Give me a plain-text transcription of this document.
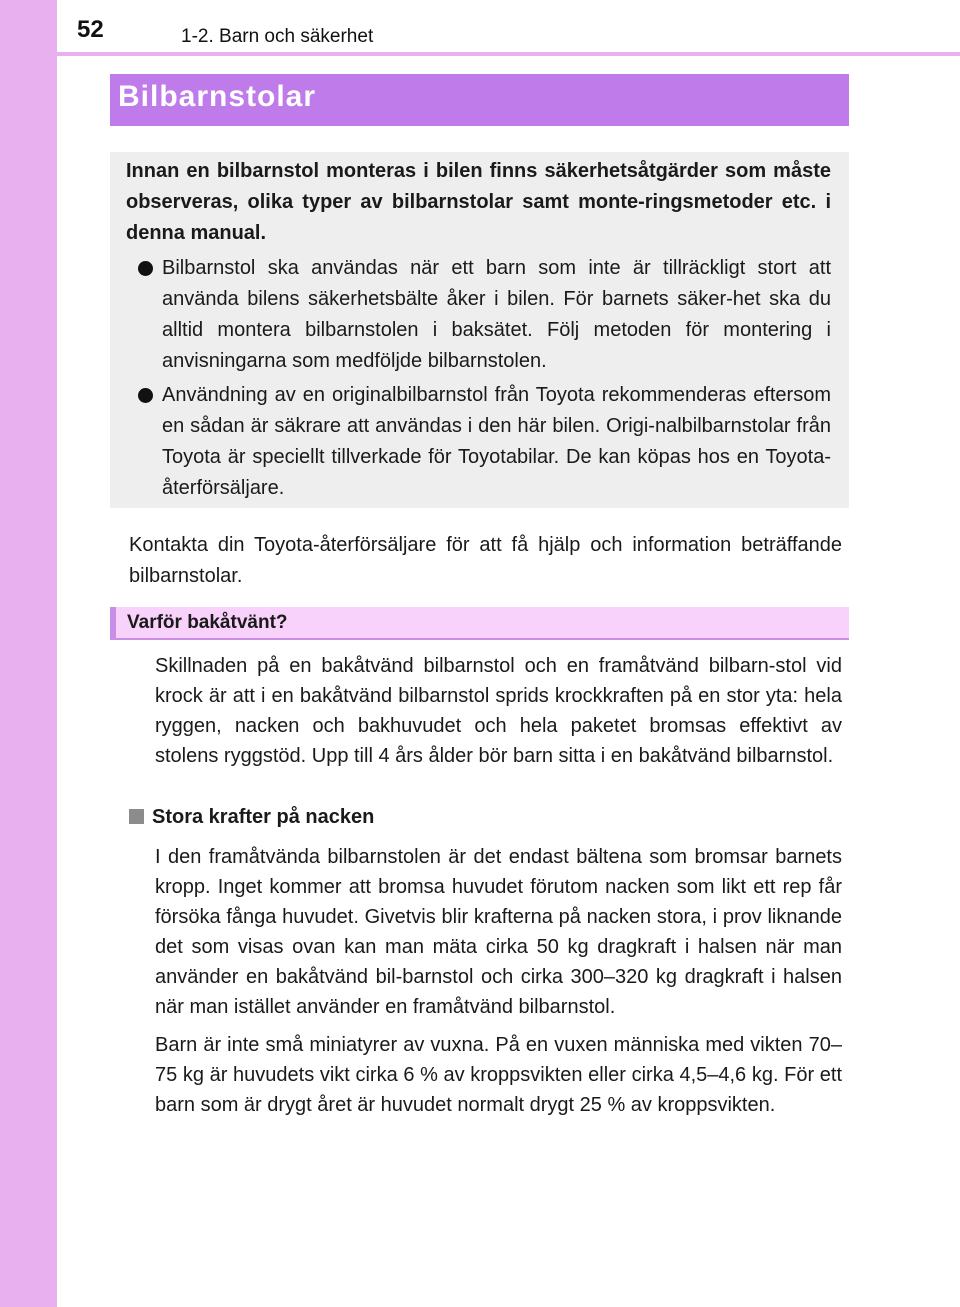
52	1-2. Barn och säkerhet
Bilbarnstolar

Innan en bilbarnstol monteras i bilen finns säkerhetsåtgärder som måste observeras, olika typer av bilbarnstolar samt monte-ringsmetoder etc. i denna manual.

Bilbarnstol ska användas när ett barn som inte är tillräckligt stort att använda bilens säkerhetsbälte åker i bilen. För barnets säker-het ska du alltid montera bilbarnstolen i baksätet. Följ metoden för montering i anvisningarna som medföljde bilbarnstolen.

Användning av en originalbilbarnstol från Toyota rekommenderas eftersom en sådan är säkrare att användas i den här bilen. Origi-nalbilbarnstolar från Toyota är speciellt tillverkade för Toyotabilar. De kan köpas hos en Toyota-återförsäljare.

Kontakta din Toyota-återförsäljare för att få hjälp och information beträffande bilbarnstolar.

Varför bakåtvänt?

Skillnaden på en bakåtvänd bilbarnstol och en framåtvänd bilbarn-stol vid krock är att i en bakåtvänd bilbarnstol sprids krockkraften på en stor yta: hela ryggen, nacken och bakhuvudet och hela paketet bromsas effektivt av stolens ryggstöd. Upp till 4 års ålder bör barn sitta i en bakåtvänd bilbarnstol.

Stora krafter på nacken

I den framåtvända bilbarnstolen är det endast bältena som bromsar barnets kropp. Inget kommer att bromsa huvudet förutom nacken som likt ett rep får försöka fånga huvudet. Givetvis blir krafterna på nacken stora, i prov liknande det som visas ovan kan man mäta cirka 50 kg dragkraft i halsen när man använder en bakåtvänd bil-barnstol och cirka 300–320 kg dragkraft i halsen när man istället använder en framåtvänd bilbarnstol.

Barn är inte små miniatyrer av vuxna. På en vuxen människa med vikten 70–75 kg är huvudets vikt cirka 6 % av kroppsvikten eller cirka 4,5–4,6 kg. För ett barn som är drygt året är huvudet normalt drygt 25 % av kroppsvikten.
